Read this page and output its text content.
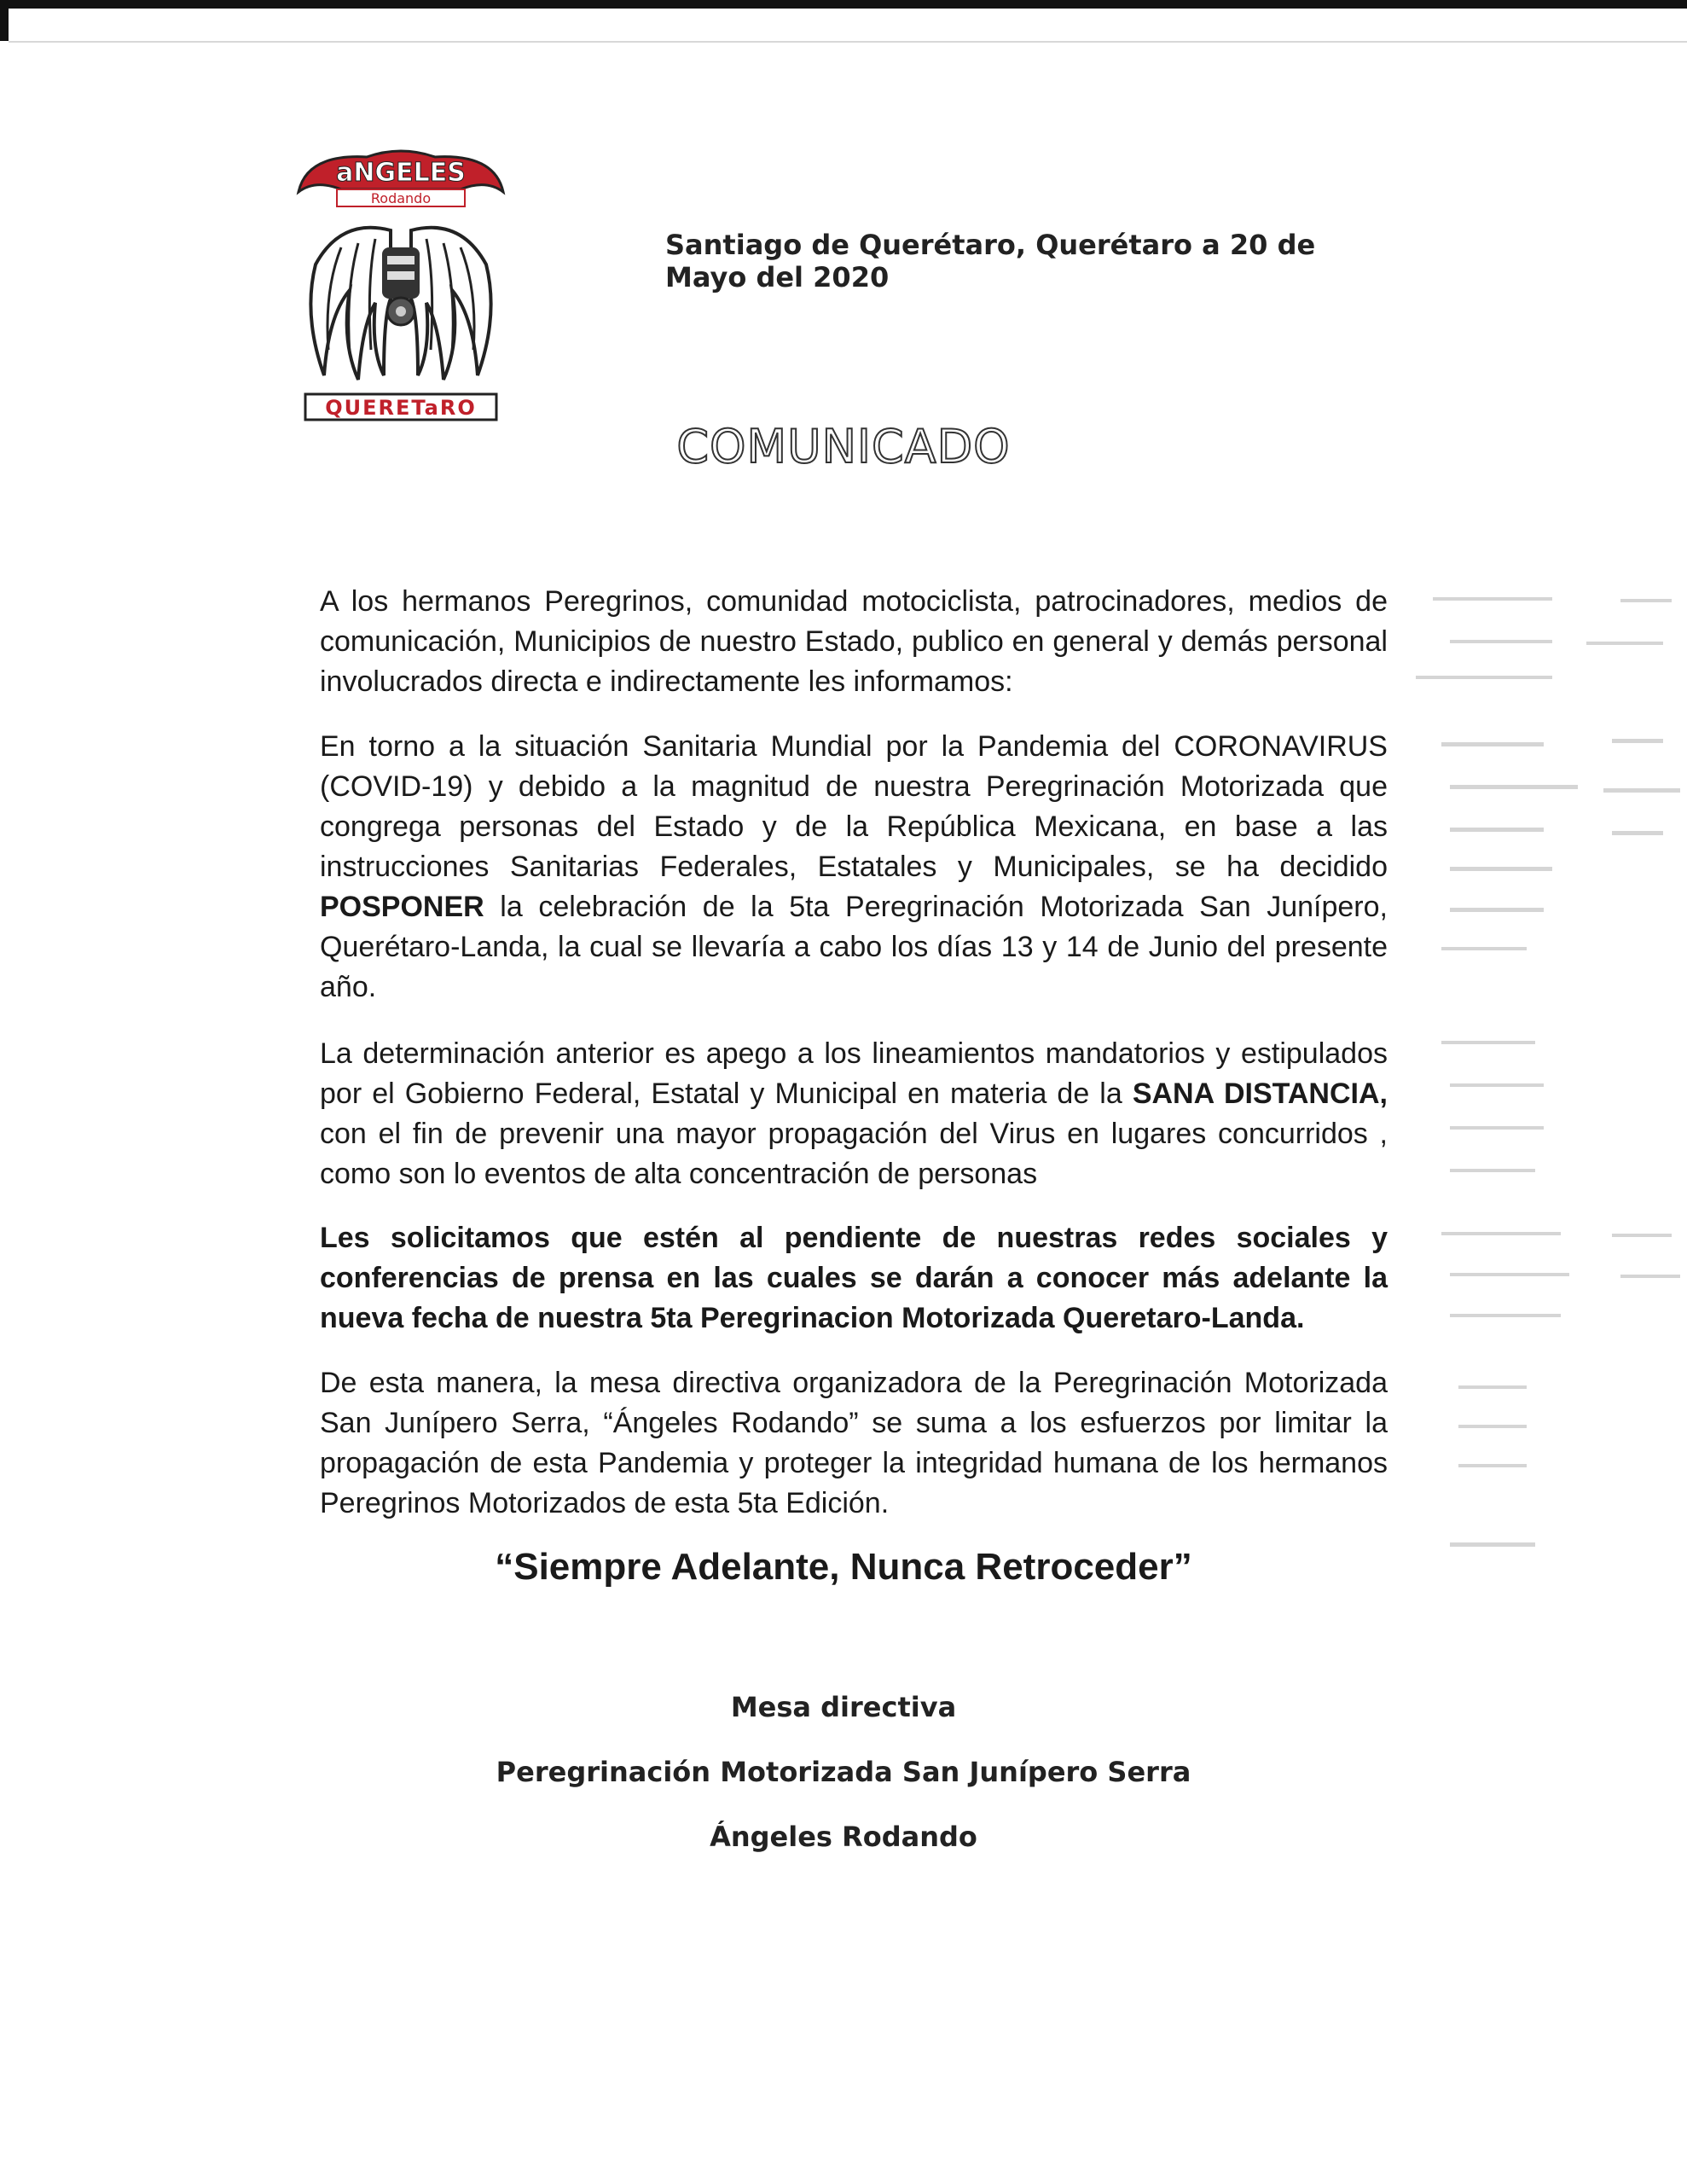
aNGELES
Rodando
QUERETaRO
Santiago de Querétaro, Querétaro a 20 de Mayo del 2020
COMUNICADO
A los hermanos Peregrinos, comunidad motociclista, patrocinadores, medios de comunicación, Municipios de nuestro Estado, publico en general y demás personal involucrados directa e indirectamente les informamos:
En torno a la situación Sanitaria Mundial por la Pandemia del CORONAVIRUS (COVID-19) y debido a la magnitud de nuestra Peregrinación Motorizada que congrega personas del Estado y de la República Mexicana, en base a las instrucciones Sanitarias Federales, Estatales y Municipales, se ha decidido POSPONER la celebración de la 5ta Peregrinación Motorizada San Junípero, Querétaro-Landa, la cual se llevaría a cabo los días 13 y 14 de Junio del presente año.
La determinación anterior es apego a los lineamientos mandatorios y estipulados por el Gobierno Federal, Estatal y Municipal en materia de la SANA DISTANCIA, con el fin de prevenir una mayor propagación del Virus en lugares concurridos , como son lo eventos de alta concentración de personas
Les solicitamos que estén al pendiente de nuestras redes sociales y conferencias de prensa en las cuales se darán a conocer más adelante la nueva fecha de nuestra 5ta Peregrinacion Motorizada Queretaro-Landa.
De esta manera, la mesa directiva organizadora de la Peregrinación Motorizada San Junípero Serra, “Ángeles Rodando” se suma a los esfuerzos por limitar la propagación de esta Pandemia y proteger la integridad humana de los hermanos Peregrinos Motorizados de esta 5ta Edición.
“Siempre Adelante, Nunca Retroceder”
Mesa directiva
Peregrinación Motorizada San Junípero Serra
Ángeles Rodando
